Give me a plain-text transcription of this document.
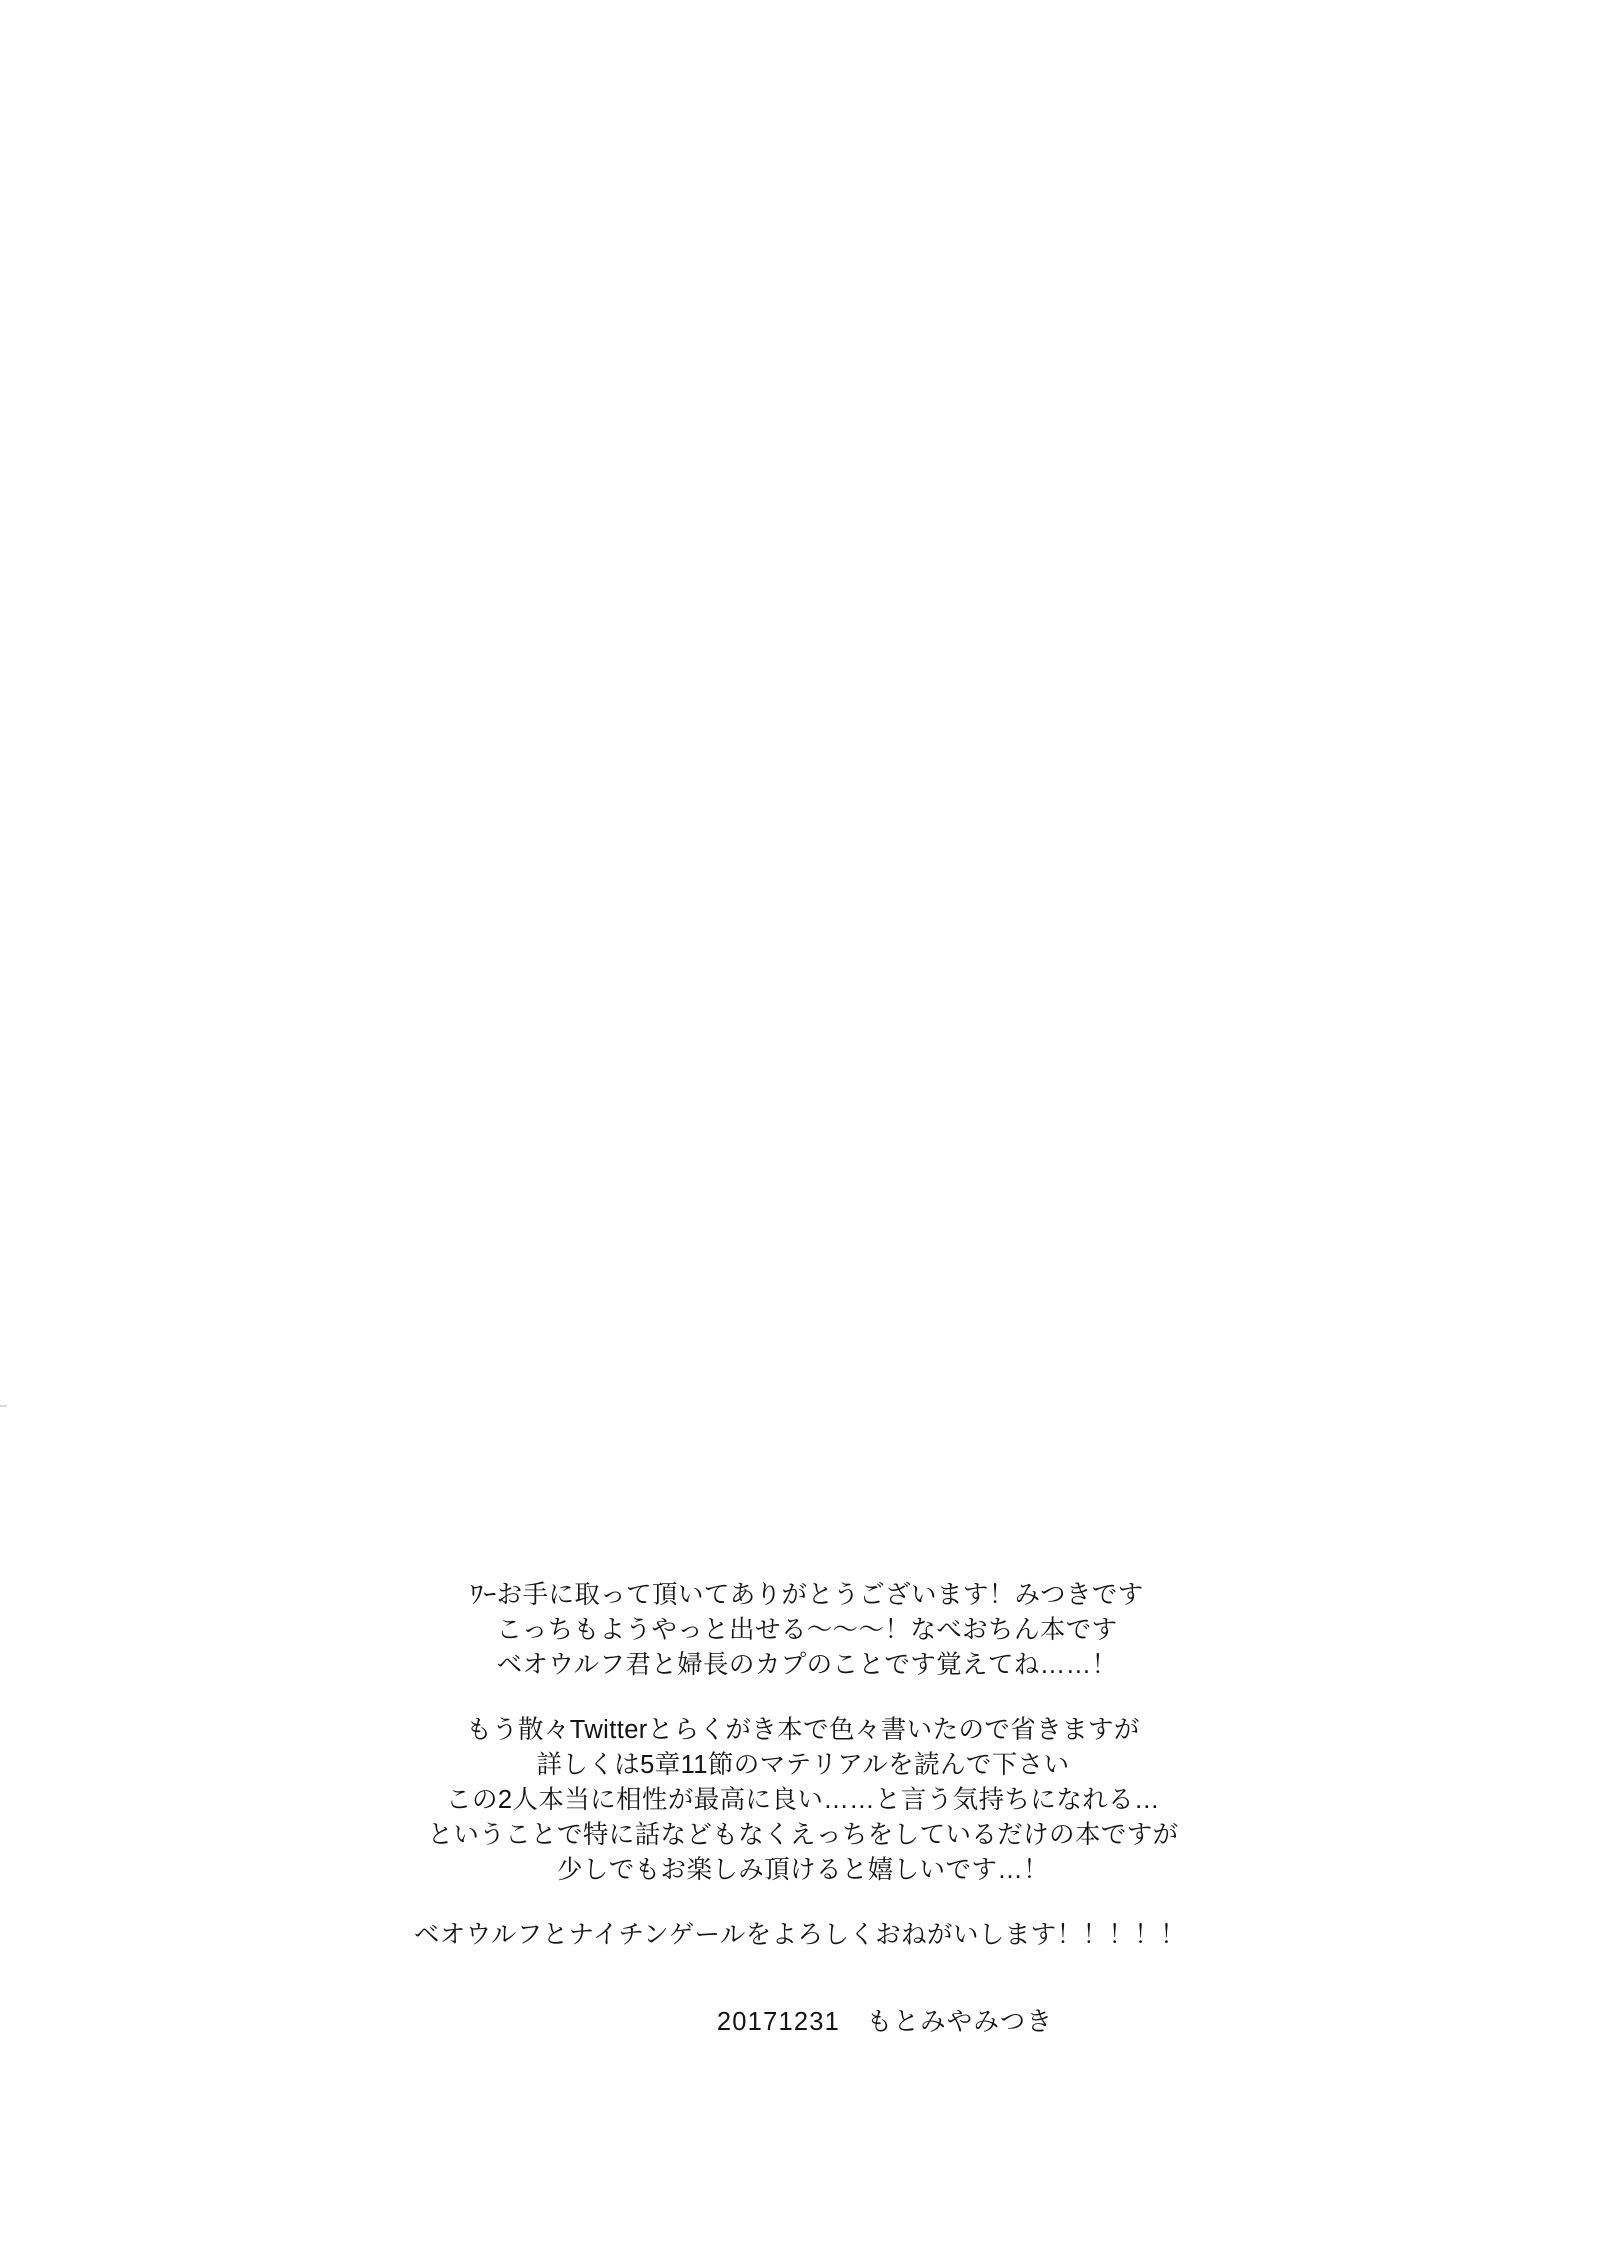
ﾜｰお手に取って頂いてありがとうございます！みつきです
こっちもようやっと出せる〜〜〜！なべおちん本です
ベオウルフ君と婦長のカプのことです覚えてね……！
もう散々Twitterとらくがき本で色々書いたので省きますが
詳しくは5章11節のマテリアルを読んで下さい
この2人本当に相性が最高に良い……と言う気持ちになれる…
ということで特に話などもなくえっちをしているだけの本ですが
少しでもお楽しみ頂けると嬉しいです…！
ベオウルフとナイチンゲールをよろしくおねがいします！！！！！
20171231　もとみやみつき
